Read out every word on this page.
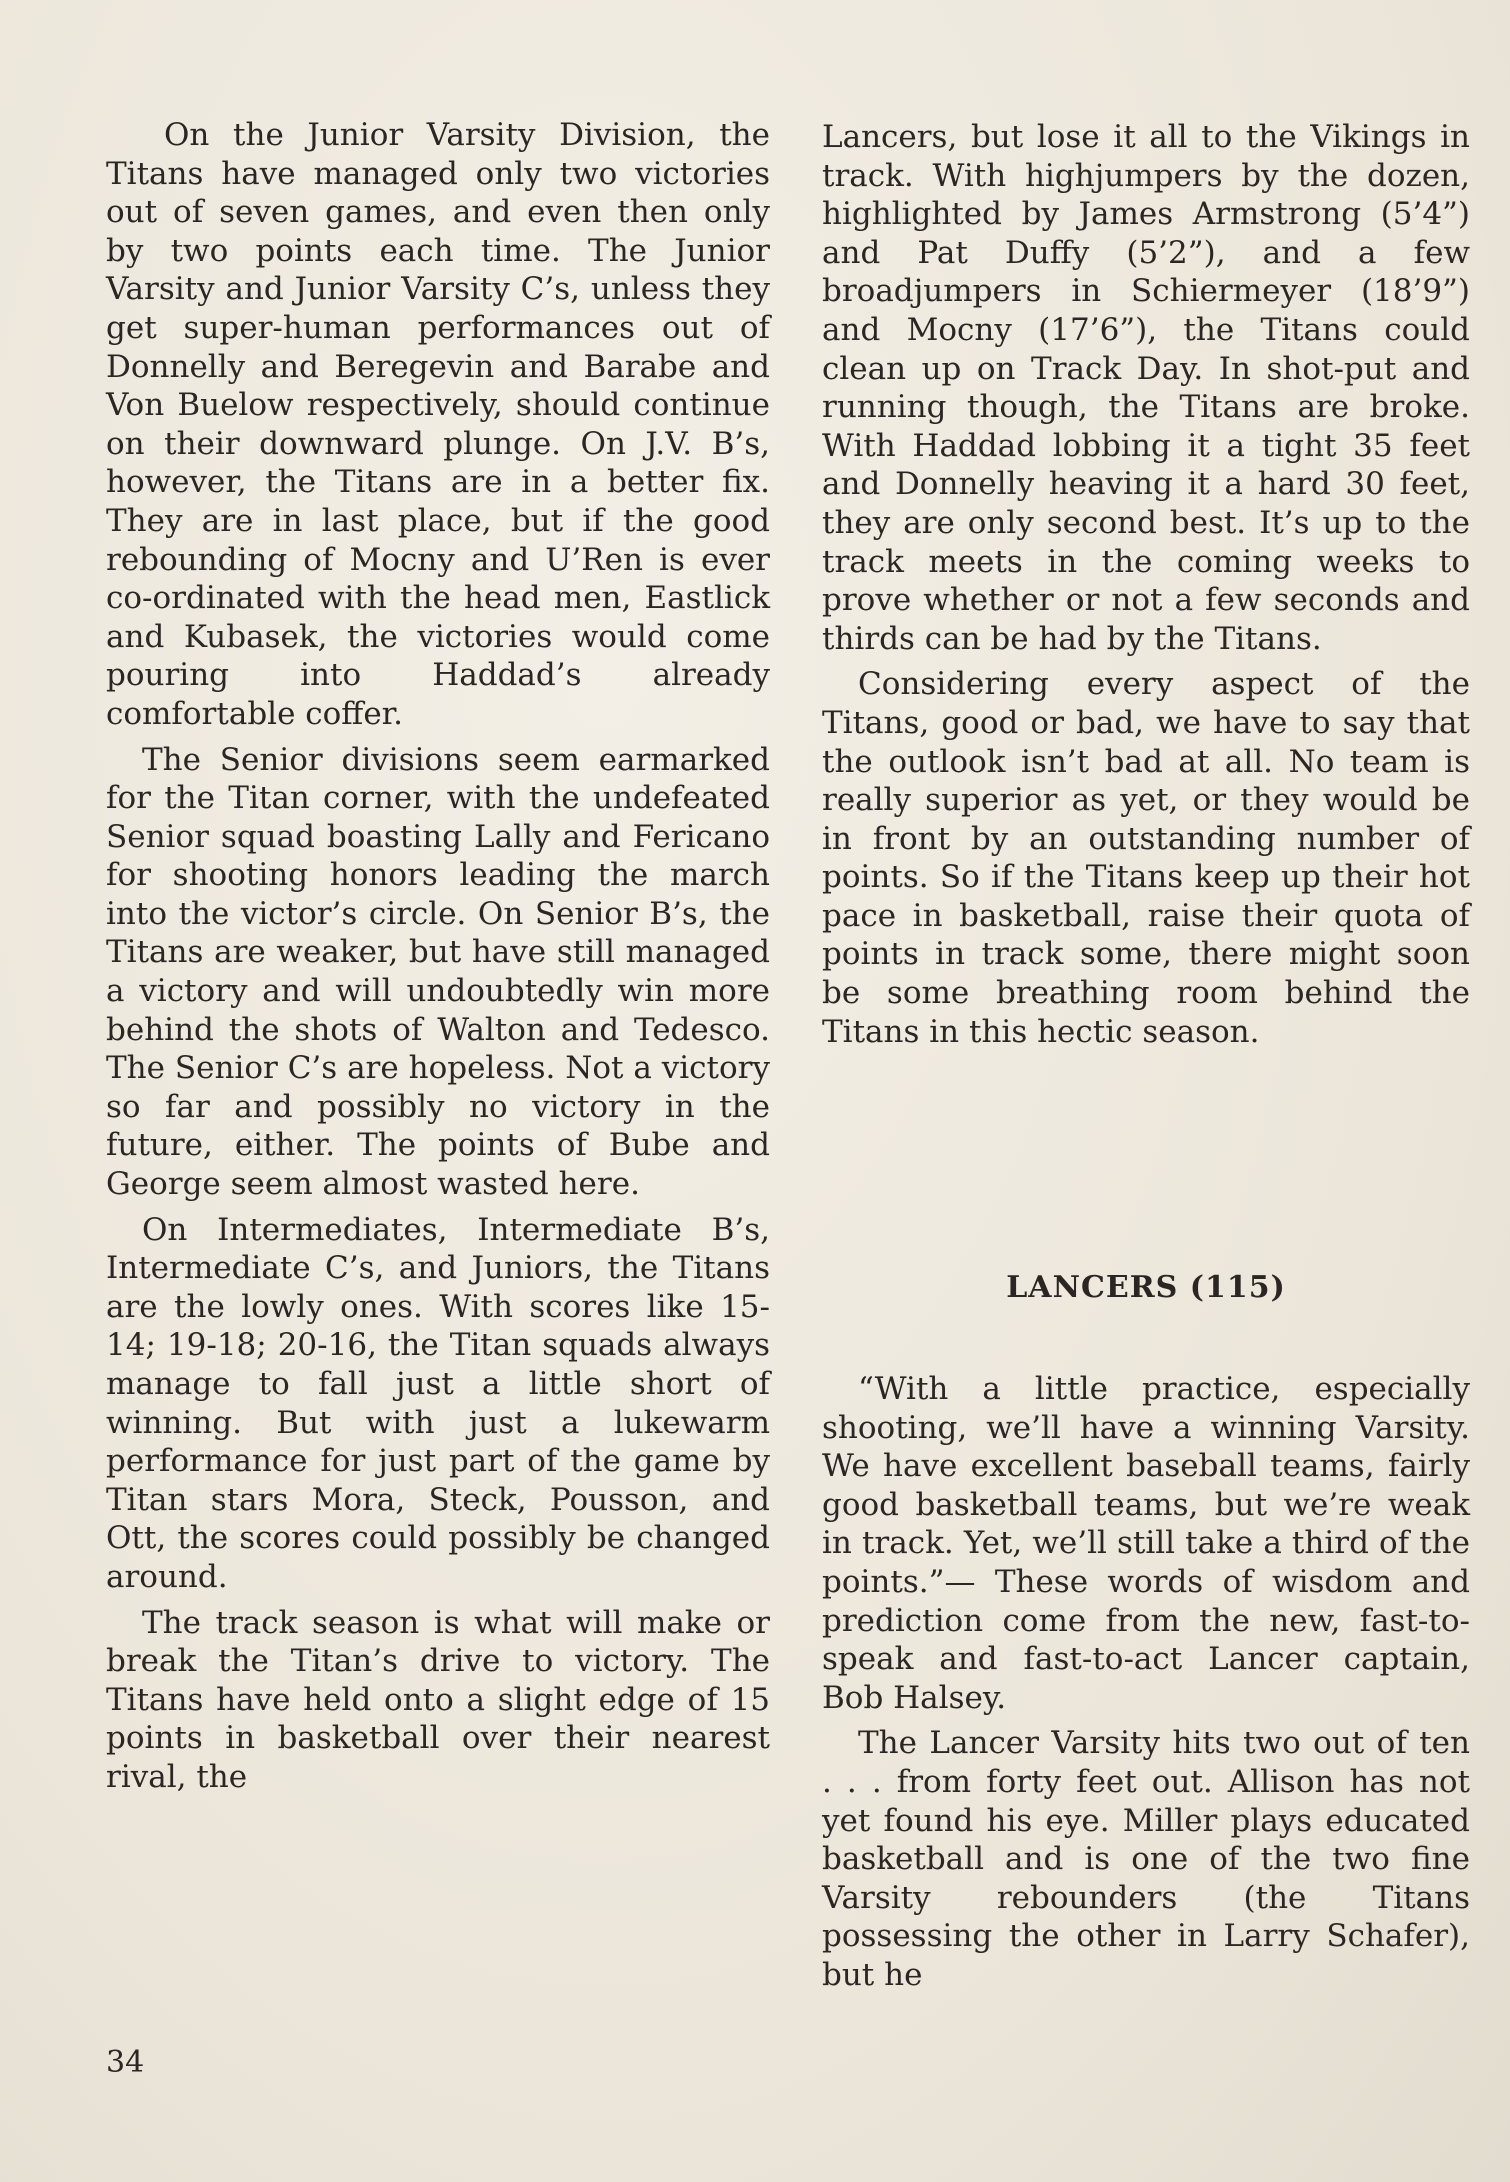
On the Junior Varsity Division, the Titans have managed only two victories out of seven games, and even then only by two points each time. The Junior Varsity and Junior Varsity C’s, unless they get super-human performances out of Donnelly and Beregevin and Barabe and Von Buelow respectively, should continue on their downward plunge. On J.V. B’s, however, the Titans are in a better fix. They are in last place, but if the good rebounding of Mocny and U’Ren is ever co-ordinated with the head men, Eastlick and Kubasek, the victories would come pouring into Haddad’s already comfortable coffer.

The Senior divisions seem earmarked for the Titan corner, with the undefeated Senior squad boasting Lally and Fericano for shooting honors leading the march into the victor’s circle. On Senior B’s, the Titans are weaker, but have still managed a victory and will undoubtedly win more behind the shots of Walton and Tedesco. The Senior C’s are hopeless. Not a victory so far and possibly no victory in the future, either. The points of Bube and George seem almost wasted here.

On Intermediates, Intermediate B’s, Intermediate C’s, and Juniors, the Titans are the lowly ones. With scores like 15-14; 19-18; 20-16, the Titan squads always manage to fall just a little short of winning. But with just a lukewarm performance for just part of the game by Titan stars Mora, Steck, Pousson, and Ott, the scores could possibly be changed around.

The track season is what will make or break the Titan’s drive to victory. The Titans have held onto a slight edge of 15 points in basketball over their nearest rival, the

Lancers, but lose it all to the Vikings in track. With highjumpers by the dozen, highlighted by James Armstrong (5’4”) and Pat Duffy (5’2”), and a few broadjumpers in Schiermeyer (18’9”) and Mocny (17’6”), the Titans could clean up on Track Day. In shot-put and running though, the Titans are broke. With Haddad lobbing it a tight 35 feet and Donnelly heaving it a hard 30 feet, they are only second best. It’s up to the track meets in the coming weeks to prove whether or not a few seconds and thirds can be had by the Titans.

Considering every aspect of the Titans, good or bad, we have to say that the outlook isn’t bad at all. No team is really superior as yet, or they would be in front by an outstanding number of points. So if the Titans keep up their hot pace in basketball, raise their quota of points in track some, there might soon be some breathing room behind the Titans in this hectic season.

LANCERS (115)

“With a little practice, especially shooting, we’ll have a winning Varsity. We have excellent baseball teams, fairly good basketball teams, but we’re weak in track. Yet, we’ll still take a third of the points.”— These words of wisdom and prediction come from the new, fast-to-speak and fast-to-act Lancer captain, Bob Halsey.

The Lancer Varsity hits two out of ten . . . from forty feet out. Allison has not yet found his eye. Miller plays educated basketball and is one of the two fine Varsity rebounders (the Titans possessing the other in Larry Schafer), but he

34
